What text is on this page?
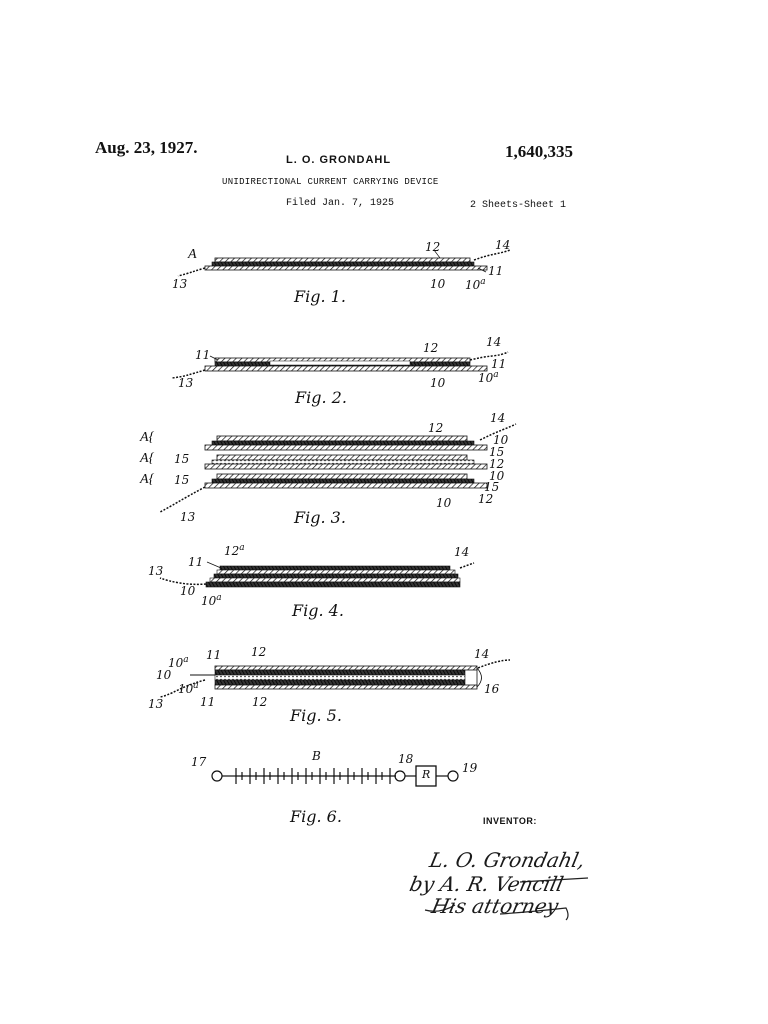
Aug. 23, 1927.
L. O. GRONDAHL	1,640,335
UNIDIRECTIONAL CURRENT CARRYING DEVICE
Filed Jan. 7, 1925	2 Sheets-Sheet 1
A	12	14
11
13	10 10$^a$
Fig. 1.
11	12	14
11
13	10	10$^a$
Fig. 2.
A{
A{
A{
15
15
12
14
10
15
12
10
15
12
10
13	Fig. 3.
12$^a$	14
11
13
10
10$^a$
Fig. 4.
10$^a$ 11 12	14
10
10$^a$	16
13	11	12
Fig. 5.
B
17	18
19
R
Fig. 6.	INVENTOR:
L. O. Grondahl,
by A. R. Vencill
His attorney
